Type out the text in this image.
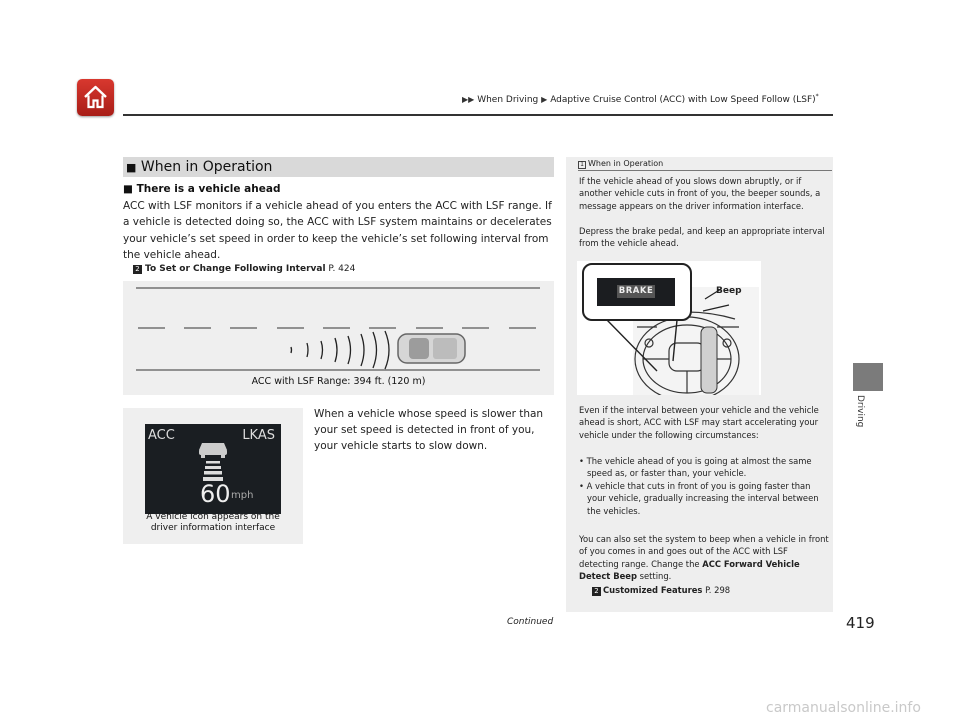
▶▶ When Driving ▶ Adaptive Cruise Control (ACC) with Low Speed Follow (LSF)*
Driving
■ When in Operation
■ There is a vehicle ahead
ACC with LSF monitors if a vehicle ahead of you enters the ACC with LSF range. If a vehicle is detected doing so, the ACC with LSF system maintains or decelerates your vehicle’s set speed in order to keep the vehicle’s set following interval from the vehicle ahead.
2 To Set or Change Following Interval P. 424
ACC with LSF Range: 394 ft. (120 m)
ACC	LKAS
60 mph
A vehicle icon appears on the
driver information interface
When a vehicle whose speed is slower than your set speed is detected in front of you, your vehicle starts to slow down.
1 When in Operation
If the vehicle ahead of you slows down abruptly, or if another vehicle cuts in front of you, the beeper sounds, a message appears on the driver information interface.
Depress the brake pedal, and keep an appropriate interval from the vehicle ahead.
Even if the interval between your vehicle and the vehicle ahead is short, ACC with LSF may start accelerating your vehicle under the following circumstances:
• The vehicle ahead of you is going at almost the same speed as, or faster than, your vehicle.
• A vehicle that cuts in front of you is going faster than your vehicle, gradually increasing the interval between the vehicles.
You can also set the system to beep when a vehicle in front of you comes in and goes out of the ACC with LSF detecting range. Change the ACC Forward Vehicle Detect Beep setting.
2 Customized Features P. 298
BRAKE	Beep
Continued	419
carmanualsonline.info
